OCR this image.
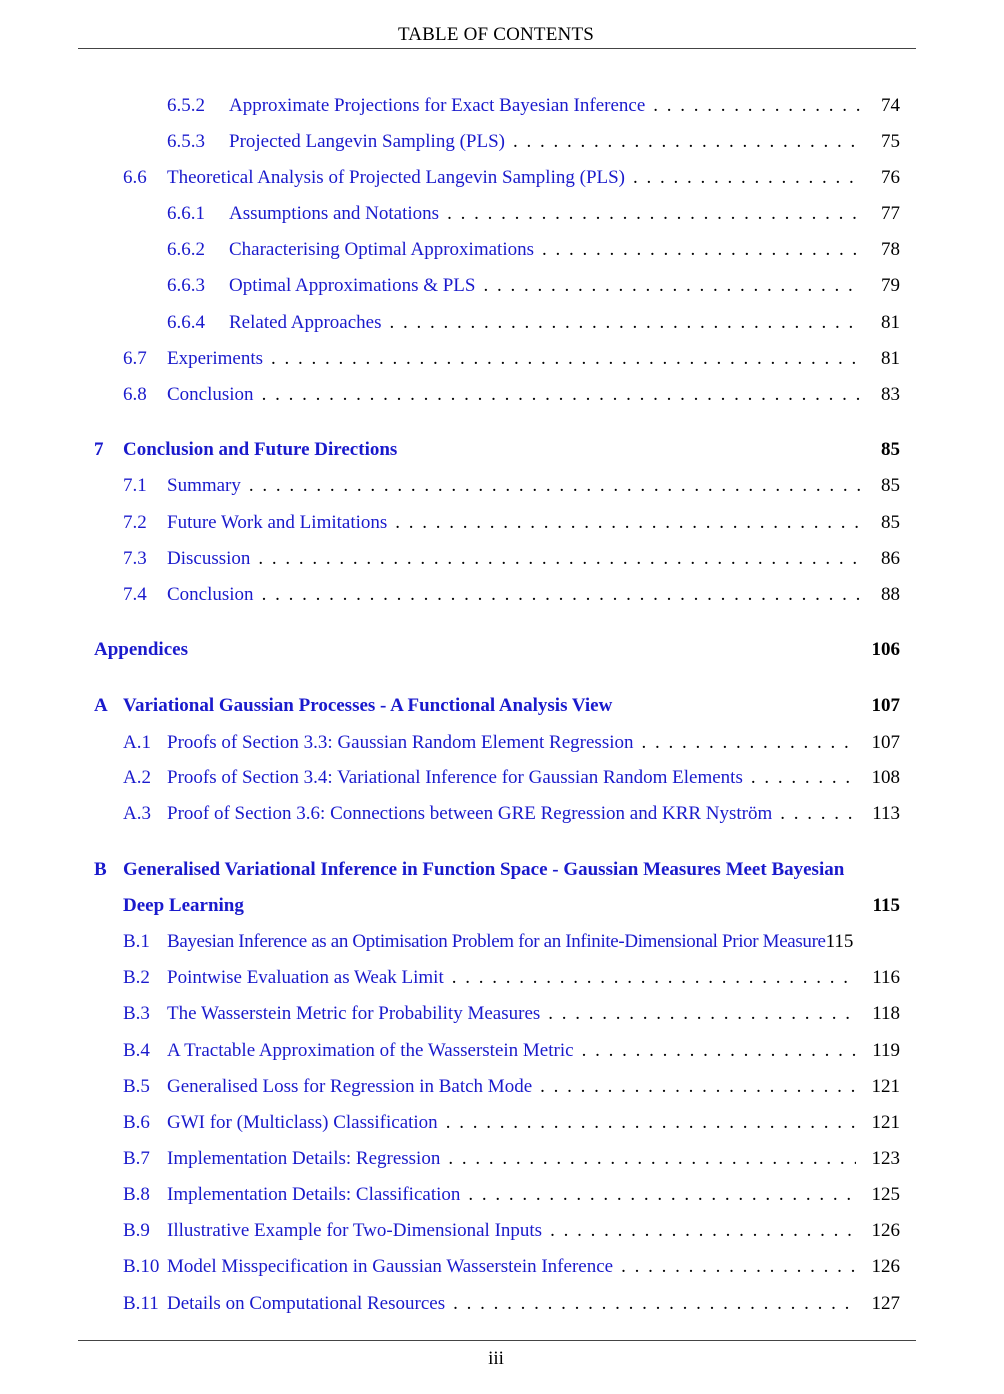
TABLE OF CONTENTS
6.5.2	Approximate Projections for Exact Bayesian Inference . . .	74
6.5.3	Projected Langevin Sampling (PLS) . . .	75
6.6	Theoretical Analysis of Projected Langevin Sampling (PLS) . . .	76
6.6.1	Assumptions and Notations . . .	77
6.6.2	Characterising Optimal Approximations . . .	78
6.6.3	Optimal Approximations & PLS . . .	79
6.6.4	Related Approaches . . .	81
6.7	Experiments . . .	81
6.8	Conclusion . . .	83
7	Conclusion and Future Directions	85
7.1	Summary . . .	85
7.2	Future Work and Limitations . . .	85
7.3	Discussion . . .	86
7.4	Conclusion . . .	88
Appendices	106
A Variational Gaussian Processes - A Functional Analysis View	107
A.1 Proofs of Section 3.3: Gaussian Random Element Regression . . .	107
A.2 Proofs of Section 3.4: Variational Inference for Gaussian Random Elements . . .	108
A.3 Proof of Section 3.6: Connections between GRE Regression and KRR Nyström . . .	113
B Generalised Variational Inference in Function Space - Gaussian Measures Meet Bayesian
Deep Learning	115
B.1 Bayesian Inference as an Optimisation Problem for an Infinite-Dimensional Prior Measure 115
B.2 Pointwise Evaluation as Weak Limit . . .	116
B.3 The Wasserstein Metric for Probability Measures . . .	118
B.4 A Tractable Approximation of the Wasserstein Metric . . .	119
B.5 Generalised Loss for Regression in Batch Mode . . .	121
B.6 GWI for (Multiclass) Classification . . .	121
B.7 Implementation Details: Regression . . .	123
B.8 Implementation Details: Classification . . .	125
B.9 Illustrative Example for Two-Dimensional Inputs . . .	126
B.10 Model Misspecification in Gaussian Wasserstein Inference . . .	126
B.11 Details on Computational Resources . . .	127
iii
